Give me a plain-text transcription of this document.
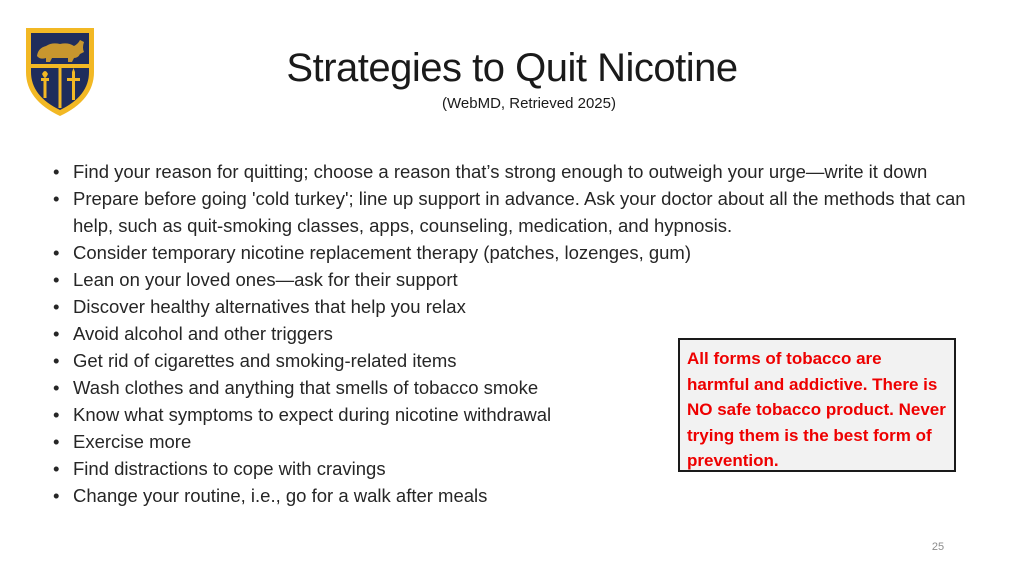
Strategies to Quit Nicotine
(WebMD, Retrieved 2025)
• Find your reason for quitting; choose a reason that’s strong enough to outweigh your urge—write it down
• Prepare before going 'cold turkey'; line up support in advance. Ask your doctor about all the methods that can help, such as quit-smoking classes, apps, counseling, medication, and hypnosis.
• Consider temporary nicotine replacement therapy (patches, lozenges, gum)
• Lean on your loved ones—ask for their support
• Discover healthy alternatives that help you relax
• Avoid alcohol and other triggers
• Get rid of cigarettes and smoking-related items
• Wash clothes and anything that smells of tobacco smoke
• Know what symptoms to expect during nicotine withdrawal
• Exercise more
• Find distractions to cope with cravings
• Change your routine, i.e., go for a walk after meals
All forms of tobacco are harmful and addictive. There is NO safe tobacco product. Never trying them is the best form of prevention.
25
